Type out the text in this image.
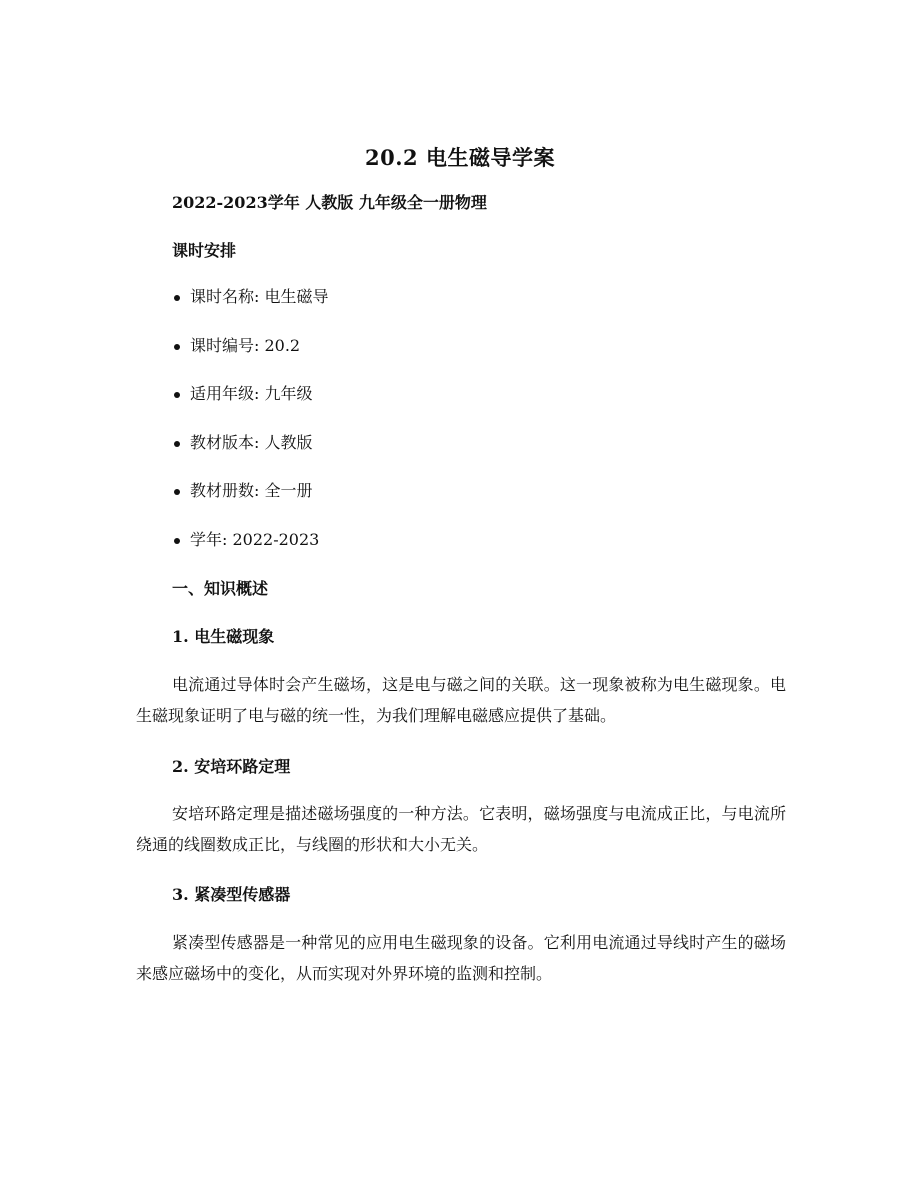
20.2 电生磁导学案
2022-2023学年 人教版 九年级全一册物理
课时安排
课时名称: 电生磁导
课时编号: 20.2
适用年级: 九年级
教材版本: 人教版
教材册数: 全一册
学年: 2022-2023
一、知识概述
1. 电生磁现象

电流通过导体时会产生磁场，这是电与磁之间的关联。这一现象被称为电生磁现象。电生磁现象证明了电与磁的统一性，为我们理解电磁感应提供了基础。

2. 安培环路定理

安培环路定理是描述磁场强度的一种方法。它表明，磁场强度与电流成正比，与电流所绕通的线圈数成正比，与线圈的形状和大小无关。

3. 紧凑型传感器

紧凑型传感器是一种常见的应用电生磁现象的设备。它利用电流通过导线时产生的磁场来感应磁场中的变化，从而实现对外界环境的监测和控制。
